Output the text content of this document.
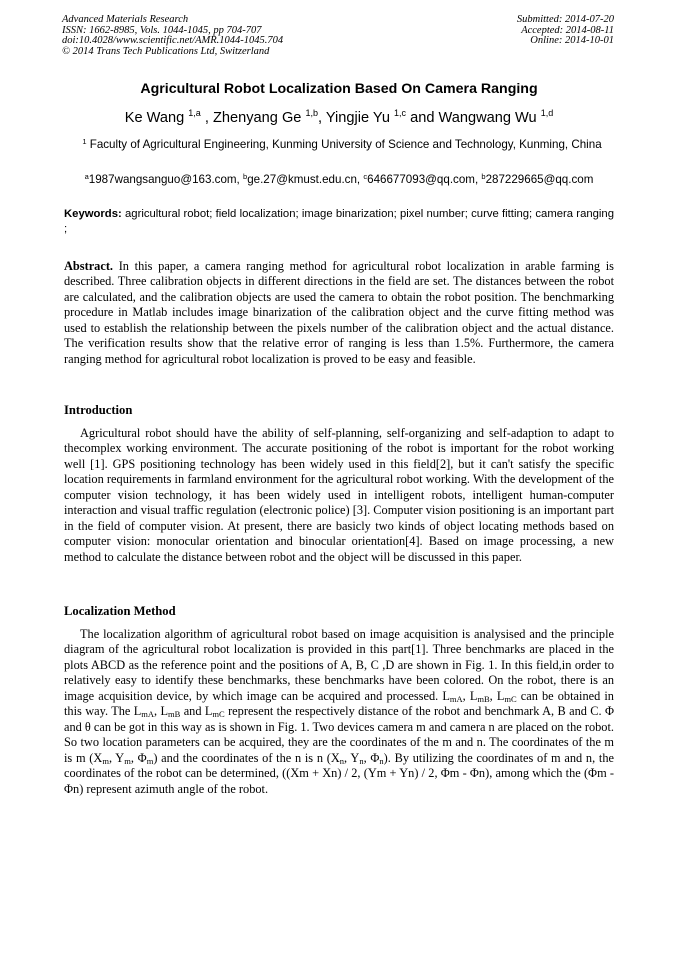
Advanced Materials Research
ISSN: 1662-8985, Vols. 1044-1045, pp 704-707
doi:10.4028/www.scientific.net/AMR.1044-1045.704
© 2014 Trans Tech Publications Ltd, Switzerland
Submitted: 2014-07-20
Accepted: 2014-08-11
Online: 2014-10-01
Agricultural Robot Localization Based On Camera Ranging
Ke Wang $^{1,a}$ , Zhenyang Ge $^{1,b}$, Yingjie Yu $^{1,c}$ and Wangwang Wu $^{1,d}$
$^1$ Faculty of Agricultural Engineering, Kunming University of Science and Technology, Kunming, China
$^a$1987wangsanguo@163.com, $^b$ge.27@kmust.edu.cn, $^c$646677093@qq.com, $^b$287229665@qq.com
Keywords: agricultural robot; field localization; image binarization; pixel number; curve fitting; camera ranging ;
Abstract. In this paper, a camera ranging method for agricultural robot localization in arable farming is described. Three calibration objects in different directions in the field are set. The distances between the robot are calculated, and the calibration objects are used the camera to obtain the robot position. The benchmarking procedure in Matlab includes image binarization of the calibration object and the curve fitting method was used to establish the relationship between the pixels number of the calibration object and the actual distance. The verification results show that the relative error of ranging is less than 1.5%. Furthermore, the camera ranging method for agricultural robot localization is proved to be easy and feasible.
Introduction
Agricultural robot should have the ability of self-planning, self-organizing and self-adaption to adapt to thecomplex working environment. The accurate positioning of the robot is important for the robot working well [1]. GPS positioning technology has been widely used in this field[2], but it can't satisfy the specific location requirements in farmland environment for the agricultural robot working. With the development of the computer vision technology, it has been widely used in intelligent robots, intelligent human-computer interaction and visual traffic regulation (electronic police) [3]. Computer vision positioning is an important part in the field of computer vision. At present, there are basicly two kinds of object locating methods based on computer vision: monocular orientation and binocular orientation[4]. Based on image processing, a new method to calculate the distance between robot and the object will be discussed in this paper.
Localization Method
The localization algorithm of agricultural robot based on image acquisition is analysised and the principle diagram of the agricultural robot localization is provided in this part[1]. Three benchmarks are placed in the plots ABCD as the reference point and the positions of A, B, C ,D are shown in Fig. 1. In this field,in order to relatively easy to identify these benchmarks, these benchmarks have been colored. On the robot, there is an image acquisition device, by which image can be acquired and processed. $L_{mA}$, $L_{mB}$, $L_{mC}$ can be obtained in this way. The $L_{mA}$, $L_{mB}$ and $L_{mC}$ represent the respectively distance of the robot and benchmark A, B and C. Φ and θ can be got in this way as is shown in Fig. 1. Two devices camera m and camera n are placed on the robot. So two location parameters can be acquired, they are the coordinates of the m and n. The coordinates of the m is m ($X_m$, $Y_m$, $\Phi_m$) and the coordinates of the n is n ($X_n$, $Y_n$, $\Phi_n$). By utilizing the coordinates of m and n, the coordinates of the robot can be determined, ((Xm + Xn) / 2, (Ym + Yn) / 2, Φm - Φn), among which the (Φm - Φn) represent azimuth angle of the robot.
